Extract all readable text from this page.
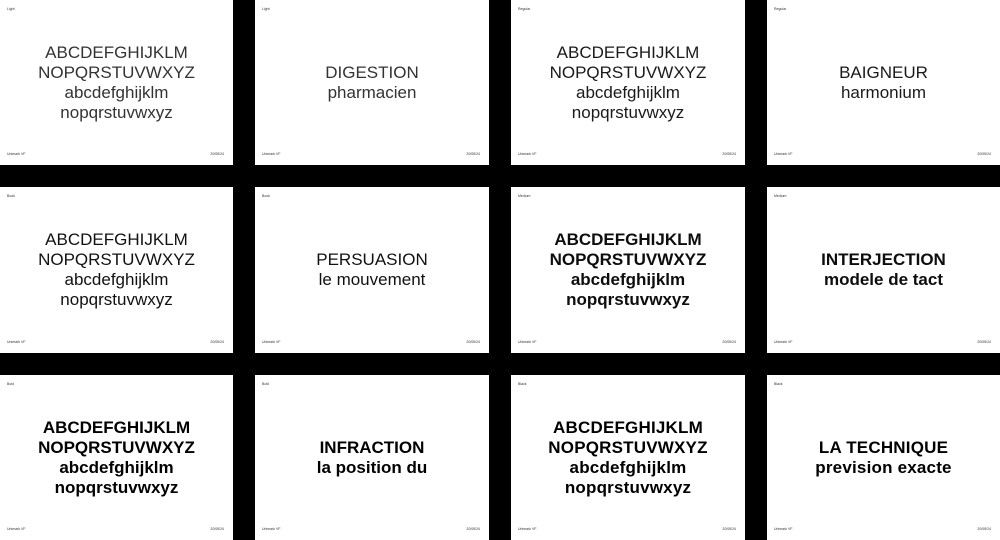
Light
ABCDEFGHIJKLM
NOPQRSTUVWXYZ
abcdefghijklm
nopqrstuvwxyz
Unimark VF	20/05/24
Light
DIGESTION
pharmacien
Unimark VF	20/05/24
Regular
ABCDEFGHIJKLM
NOPQRSTUVWXYZ
abcdefghijklm
nopqrstuvwxyz
Unimark VF	20/05/24
Regular
BAIGNEUR
harmonium
Unimark VF	20/05/24
Book
ABCDEFGHIJKLM
NOPQRSTUVWXYZ
abcdefghijklm
nopqrstuvwxyz
Unimark VF	20/05/24
Book
PERSUASION
le mouvement
Unimark VF	20/05/24
Medium
ABCDEFGHIJKLM
NOPQRSTUVWXYZ
abcdefghijklm
nopqrstuvwxyz
Unimark VF	20/05/24
Medium
INTERJECTION
modele de tact
Unimark VF	20/05/24
Bold
ABCDEFGHIJKLM
NOPQRSTUVWXYZ
abcdefghijklm
nopqrstuvwxyz
Unimark VF	20/05/24
Bold
INFRACTION
la position du
Unimark VF	20/05/24
Black
ABCDEFGHIJKLM
NOPQRSTUVWXYZ
abcdefghijklm
nopqrstuvwxyz
Unimark VF	20/05/24
Black
LA TECHNIQUE
prevision exacte
Unimark VF	20/05/24
